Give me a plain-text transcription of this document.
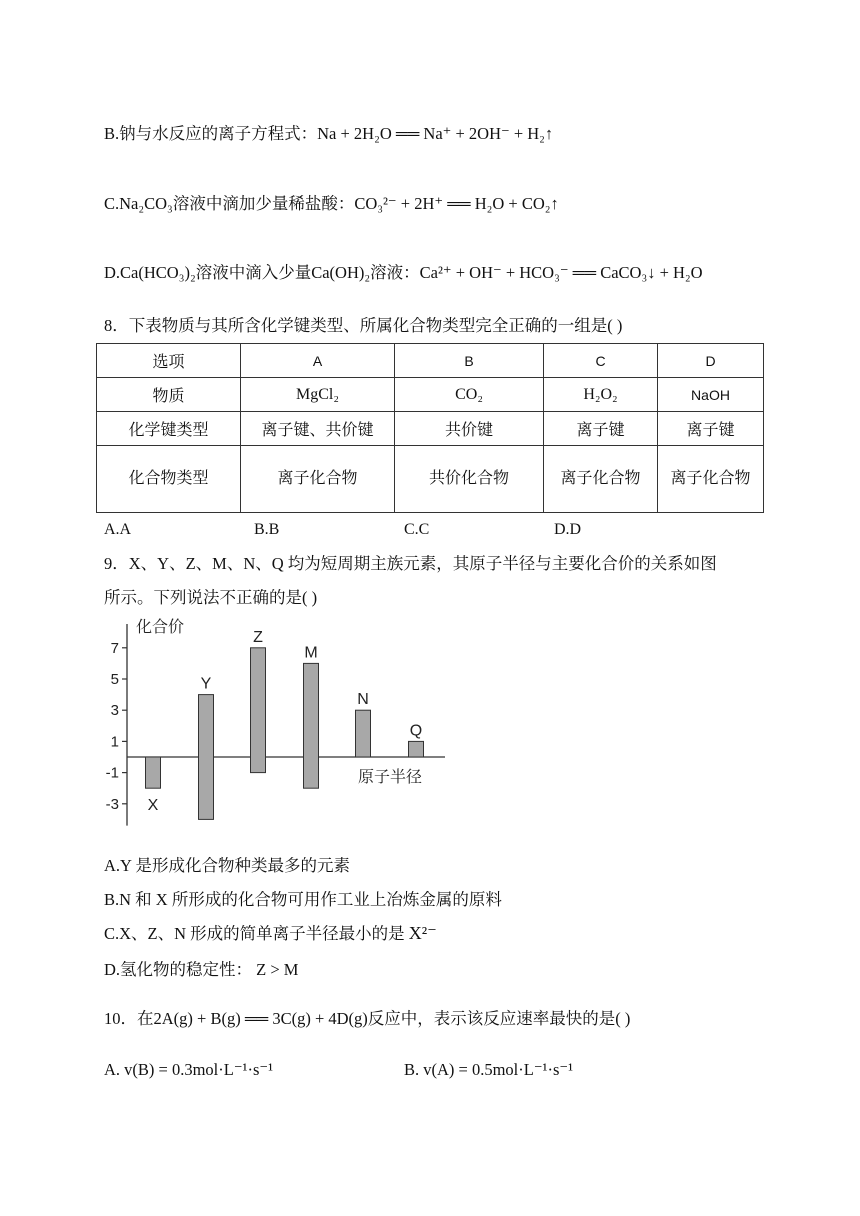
B.钠与水反应的离子方程式：Na + 2H₂O ══ Na⁺ + 2OH⁻ + H₂↑
C.Na₂CO₃溶液中滴加少量稀盐酸：CO₃²⁻ + 2H⁺ ══ H₂O + CO₂↑
D.Ca(HCO₃)₂溶液中滴入少量Ca(OH)₂溶液：Ca²⁺ + OH⁻ + HCO₃⁻ ══ CaCO₃↓ + H₂O
8．下表物质与其所含化学键类型、所属化合物类型完全正确的一组是( )
选项	A	B	C	D
物质	MgCl₂	CO₂	H₂O₂	NaOH
化学键类型	离子键、共价键	共价键	离子键	离子键
化合物类型	离子化合物	共价化合物	离子化合物	离子化合物
A.A	B.B	C.C	D.D
9．X、Y、Z、M、N、Q 均为短周期主族元素，其原子半径与主要化合价的关系如图
所示。下列说法不正确的是( )
化合价
原子半径
7
5
3
1
-1
-3 X
Y
Z
M
N
Q
A.Y 是形成化合物种类最多的元素
B.N 和 X 所形成的化合物可用作工业上冶炼金属的原料
C.X、Z、N 形成的简单离子半径最小的是 X²⁻
D.氢化物的稳定性： Z > M
10．在2A(g) + B(g) ══ 3C(g) + 4D(g)反应中，表示该反应速率最快的是( )
A. v(B) = 0.3mol·L⁻¹·s⁻¹	B. v(A) = 0.5mol·L⁻¹·s⁻¹
